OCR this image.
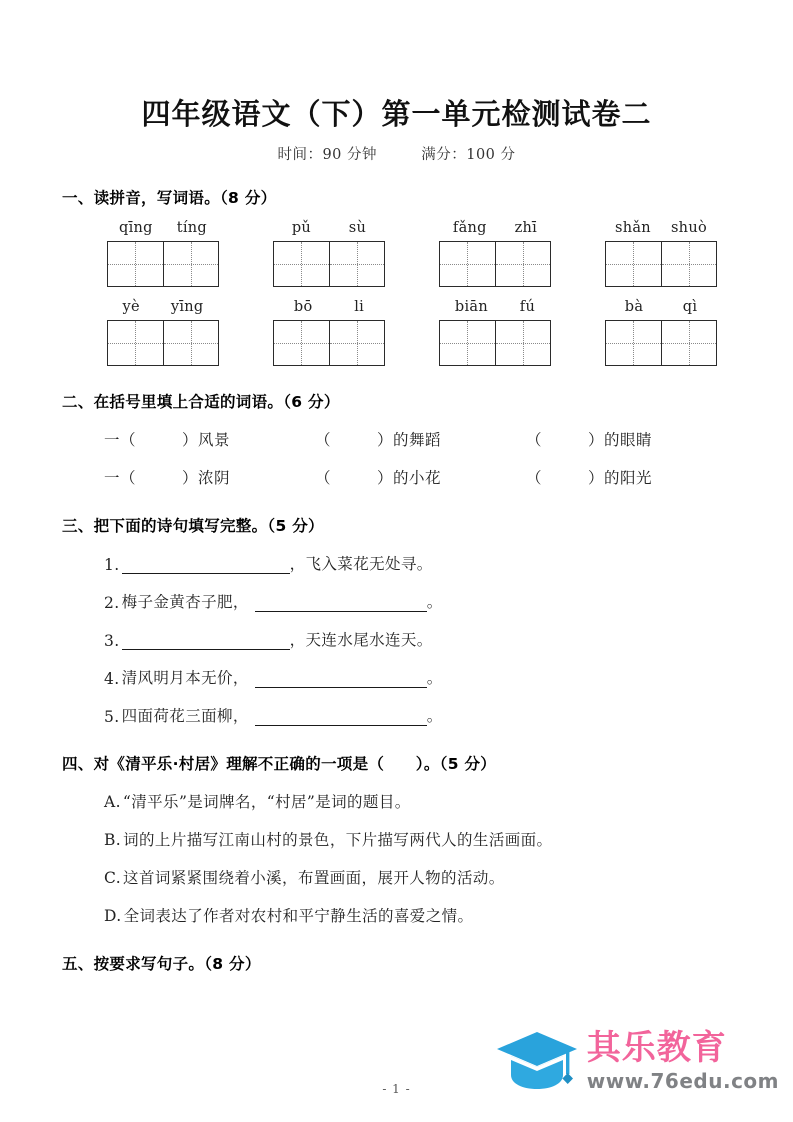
四年级语文（下）第一单元检测试卷二
时间：90 分钟	满分：100 分
一、读拼音，写词语。（8 分）
qīng tíng	pǔ	sù	fǎng zhī	shǎn shuò
yè yīng	bō	li	biān fú	bà	qì
二、在括号里填上合适的词语。（6 分）
一（	）风景	（	）的舞蹈	（	）的眼睛
一（	）浓阴	（	）的小花	（	）的阳光
三、把下面的诗句填写完整。（5 分）
1.	，飞入菜花无处寻。
2. 梅子金黄杏子肥，	。
3.	，天连水尾水连天。
4. 清风明月本无价，	。
5. 四面荷花三面柳，	。
四、对《清平乐·村居》理解不正确的一项是（　　）。（5 分）
A. “清平乐”是词牌名，“村居”是词的题目。
B. 词的上片描写江南山村的景色，下片描写两代人的生活画面。
C. 这首词紧紧围绕着小溪，布置画面，展开人物的活动。
D. 全词表达了作者对农村和平宁静生活的喜爱之情。
五、按要求写句子。（8 分）
- 1 -
其乐教育
www.76edu.com
